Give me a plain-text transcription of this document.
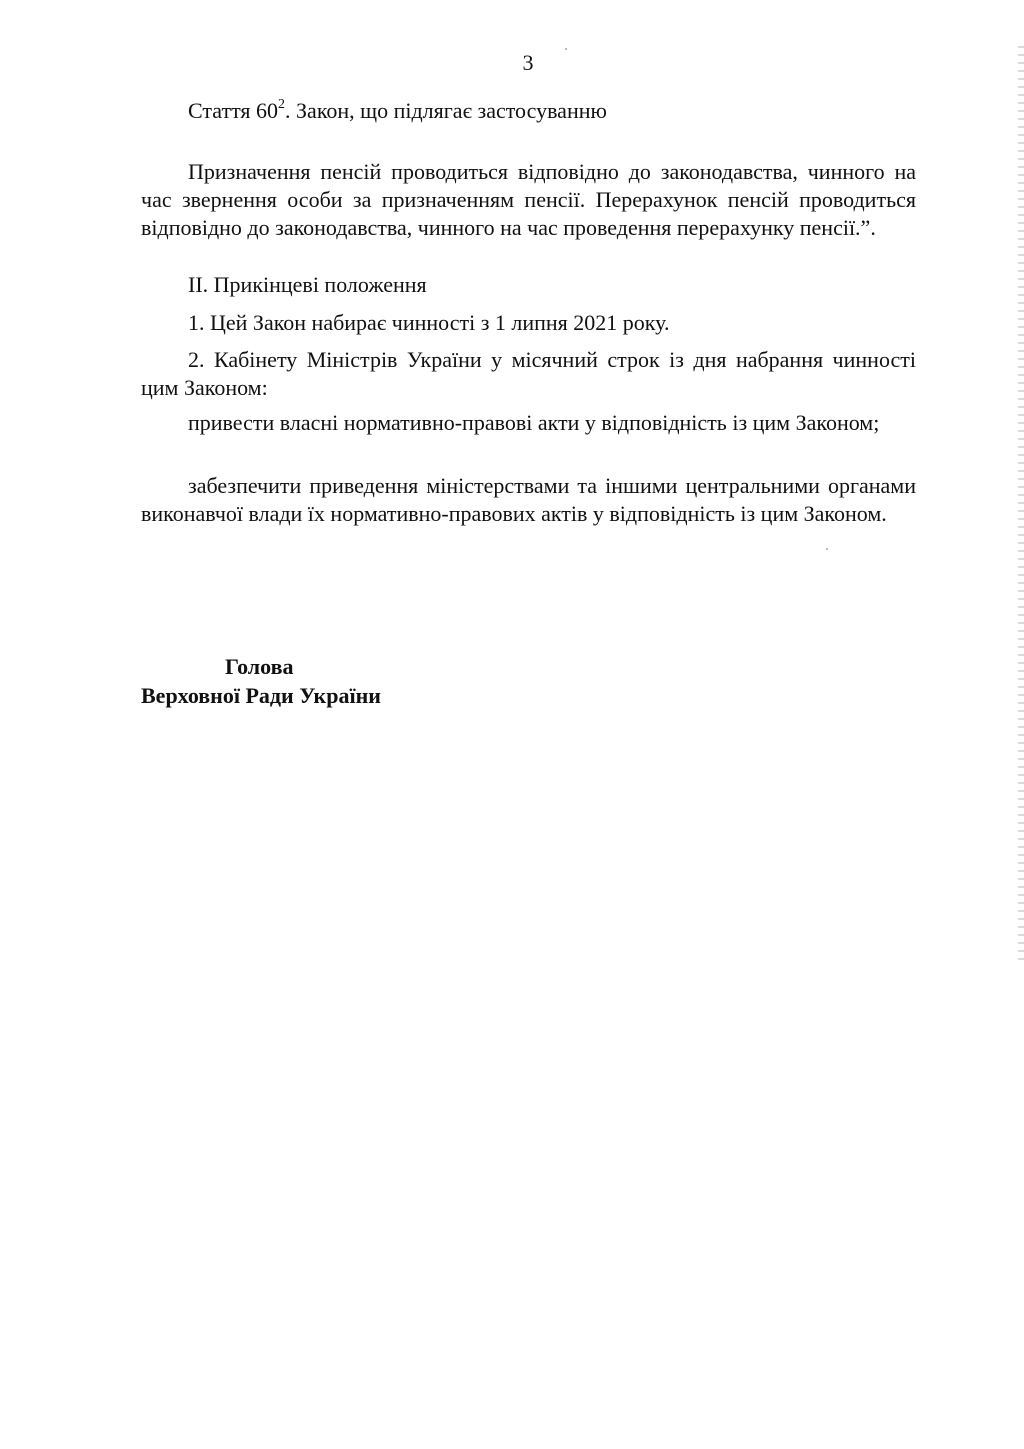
3
Стаття $60^2$. Закон, що підлягає застосуванню

Призначення пенсій проводиться відповідно до законодавства, чинного на час звернення особи за призначенням пенсії. Перерахунок пенсій проводиться відповідно до законодавства, чинного на час проведення перерахунку пенсії.”.

ІІ. Прикінцеві положення

1. Цей Закон набирає чинності з 1 липня 2021 року.

2. Кабінету Міністрів України у місячний строк із дня набрання чинності цим Законом:

привести власні нормативно-правові акти у відповідність із цим Законом;

забезпечити приведення міністерствами та іншими центральними органами виконавчої влади їх нормативно-правових актів у відповідність із цим Законом.

Голова
Верховної Ради України
